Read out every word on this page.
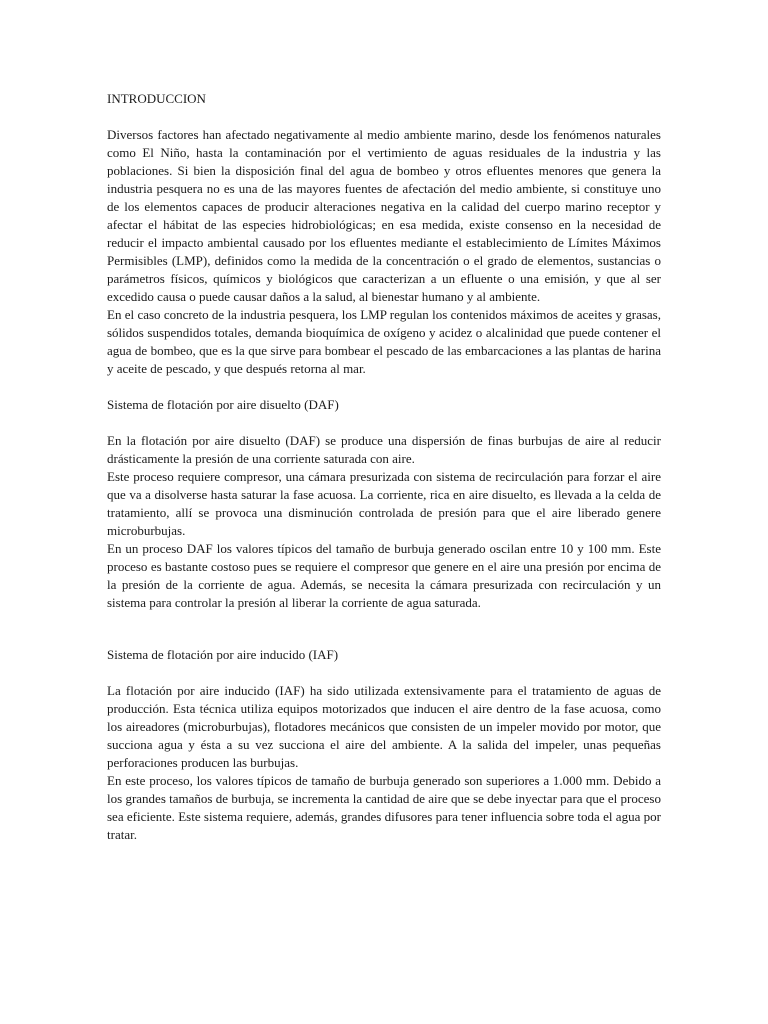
INTRODUCCION

Diversos factores han afectado negativamente al medio ambiente marino, desde los fenómenos naturales como El Niño, hasta la contaminación por el vertimiento de aguas residuales de la industria y las poblaciones. Si bien la disposición final del agua de bombeo y otros efluentes menores que genera la industria pesquera no es una de las mayores fuentes de afectación del medio ambiente, si constituye uno de los elementos capaces de producir alteraciones negativa en la calidad del cuerpo marino receptor y afectar el hábitat de las especies hidrobiológicas; en esa medida, existe consenso en la necesidad de reducir el impacto ambiental causado por los efluentes mediante el establecimiento de Límites Máximos Permisibles (LMP), definidos como la medida de la concentración o el grado de elementos, sustancias o parámetros físicos, químicos y biológicos que caracterizan a un efluente o una emisión, y que al ser excedido causa o puede causar daños a la salud, al bienestar humano y al ambiente.

En el caso concreto de la industria pesquera, los LMP regulan los contenidos máximos de aceites y grasas, sólidos suspendidos totales, demanda bioquímica de oxígeno y acidez o alcalinidad que puede contener el agua de bombeo, que es la que sirve para bombear el pescado de las embarcaciones a las plantas de harina y aceite de pescado, y que después retorna al mar.

Sistema de flotación por aire disuelto (DAF)

En la flotación por aire disuelto (DAF) se produce una dispersión de finas burbujas de aire al reducir drásticamente la presión de una corriente saturada con aire.

Este proceso requiere compresor, una cámara presurizada con sistema de recirculación para forzar el aire que va a disolverse hasta saturar la fase acuosa. La corriente, rica en aire disuelto, es llevada a la celda de tratamiento, allí se provoca una disminución controlada de presión para que el aire liberado genere microburbujas.

En un proceso DAF los valores típicos del tamaño de burbuja generado oscilan entre 10 y 100 mm. Este proceso es bastante costoso pues se requiere el compresor que genere en el aire una presión por encima de la presión de la corriente de agua. Además, se necesita la cámara presurizada con recirculación y un sistema para controlar la presión al liberar la corriente de agua saturada.

Sistema de flotación por aire inducido (IAF)

La flotación por aire inducido (IAF) ha sido utilizada extensivamente para el tratamiento de aguas de producción. Esta técnica utiliza equipos motorizados que inducen el aire dentro de la fase acuosa, como los aireadores (microburbujas), flotadores mecánicos que consisten de un impeler movido por motor, que succiona agua y ésta a su vez succiona el aire del ambiente. A la salida del impeler, unas pequeñas perforaciones producen las burbujas.

En este proceso, los valores típicos de tamaño de burbuja generado son superiores a 1.000 mm. Debido a los grandes tamaños de burbuja, se incrementa la cantidad de aire que se debe inyectar para que el proceso sea eficiente. Este sistema requiere, además, grandes difusores para tener influencia sobre toda el agua por tratar.
